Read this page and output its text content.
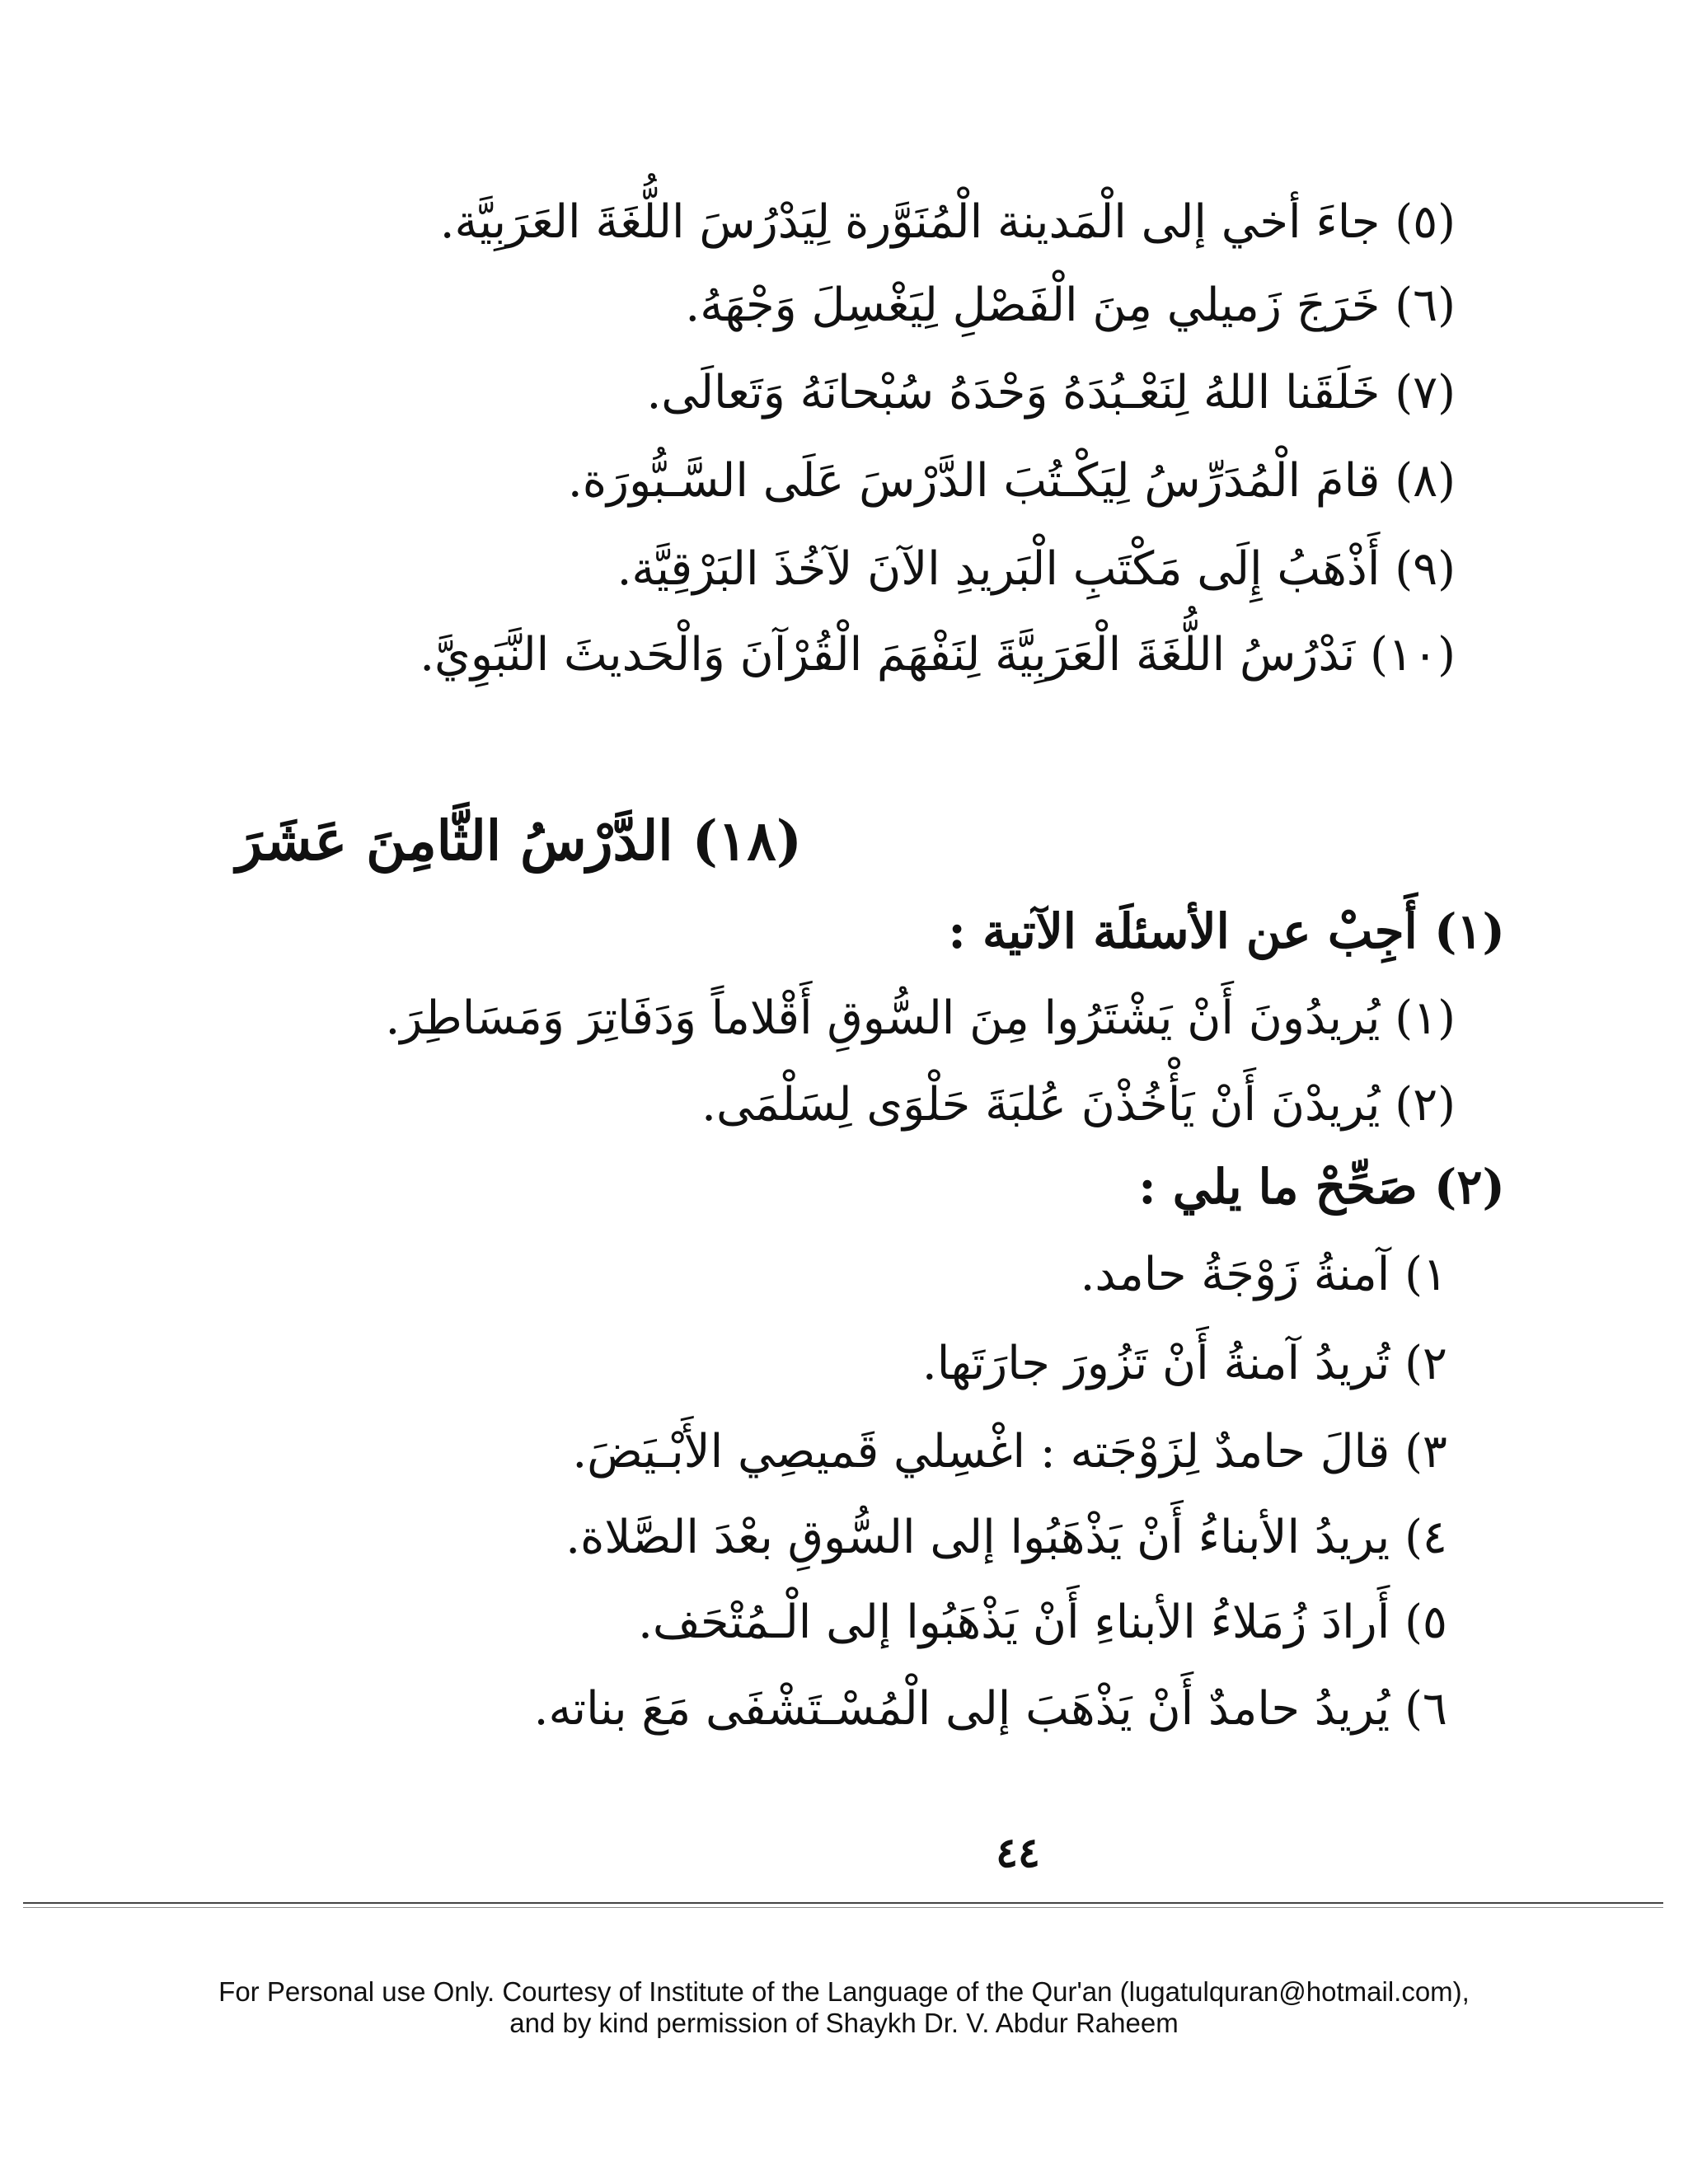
(٥) جاءَ أخي إلى الْمَدينة الْمُنَوَّرة لِيَدْرُسَ اللُّغَةَ العَرَبِيَّة.
(٦) خَرَجَ زَميلي مِنَ الْفَصْلِ لِيَغْسِلَ وَجْهَهُ.
(٧) خَلَقَنا اللهُ لِنَعْـبُدَهُ وَحْدَهُ سُبْحانَهُ وَتَعالَى.
(٨) قامَ الْمُدَرِّسُ لِيَكْـتُبَ الدَّرْسَ عَلَى السَّـبُّورَة.
(٩) أَذْهَبُ إِلَى مَكْتَبِ الْبَريدِ الآنَ لآخُذَ البَرْقِيَّة.
(١٠) نَدْرُسُ اللُّغَةَ الْعَرَبِيَّةَ لِنَفْهَمَ الْقُرْآنَ وَالْحَديثَ النَّبَوِيَّ.
(١٨) الدَّرْسُ الثَّامِنَ عَشَرَ
(١) أَجِبْ عن الأسئلَة الآتية :
(١) يُريدُونَ أَنْ يَشْتَرُوا مِنَ السُّوقِ أَقْلاماً وَدَفَاتِرَ وَمَسَاطِرَ.
(٢) يُريدْنَ أَنْ يَأْخُذْنَ عُلبَةَ حَلْوَى لِسَلْمَى.
(٢) صَحِّحْ ما يلي :
١) آمنةُ زَوْجَةُ حامد.
٢) تُريدُ آمنةُ أَنْ تَزُورَ جارَتَها.
٣) قالَ حامدٌ لِزَوْجَته : اغْسِلي قَميصِي الأَبْـيَضَ.
٤) يريدُ الأبناءُ أَنْ يَذْهَبُوا إلى السُّوقِ بعْدَ الصَّلاة.
٥) أَرادَ زُمَلاءُ الأبناءِ أَنْ يَذْهَبُوا إلى الْـمُتْحَف.
٦) يُريدُ حامدٌ أَنْ يَذْهَبَ إلى الْمُسْـتَشْفَى مَعَ بناته.
٤٤
For Personal use Only. Courtesy of Institute of the Language of the Qur'an (lugatulquran@hotmail.com),
and by kind permission of Shaykh Dr. V. Abdur Raheem
